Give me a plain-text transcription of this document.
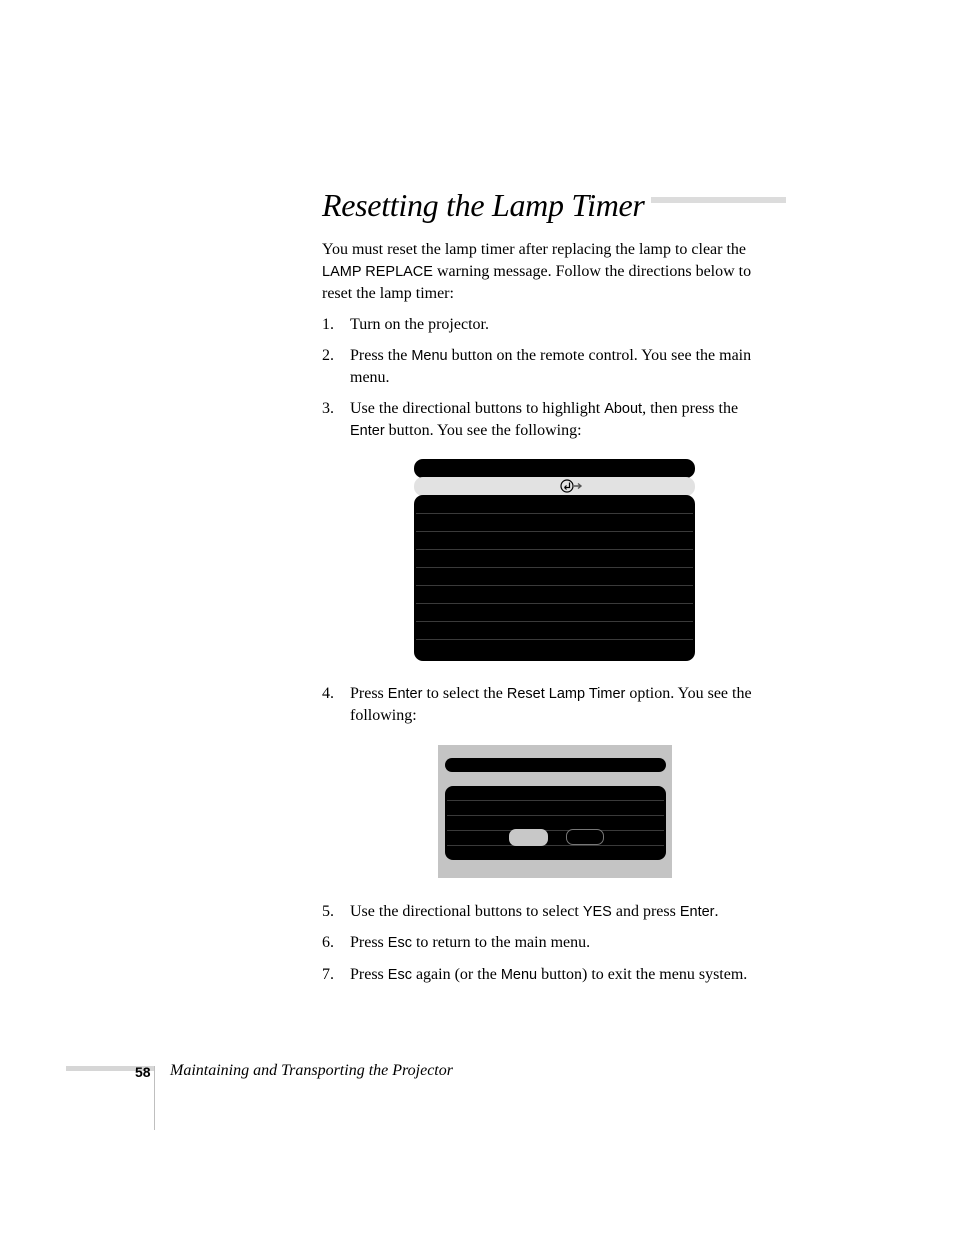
Resetting the Lamp Timer
You must reset the lamp timer after replacing the lamp to clear the
LAMP REPLACE warning message. Follow the directions below to
reset the lamp timer:
1. Turn on the projector.
2. Press the Menu button on the remote control. You see the main
menu.
3. Use the directional buttons to highlight About, then press the
Enter button. You see the following:
4. Press Enter to select the Reset Lamp Timer option. You see the
following:
5. Use the directional buttons to select YES and press Enter.
6. Press Esc to return to the main menu.
7. Press Esc again (or the Menu button) to exit the menu system.
58 Maintaining and Transporting the Projector
